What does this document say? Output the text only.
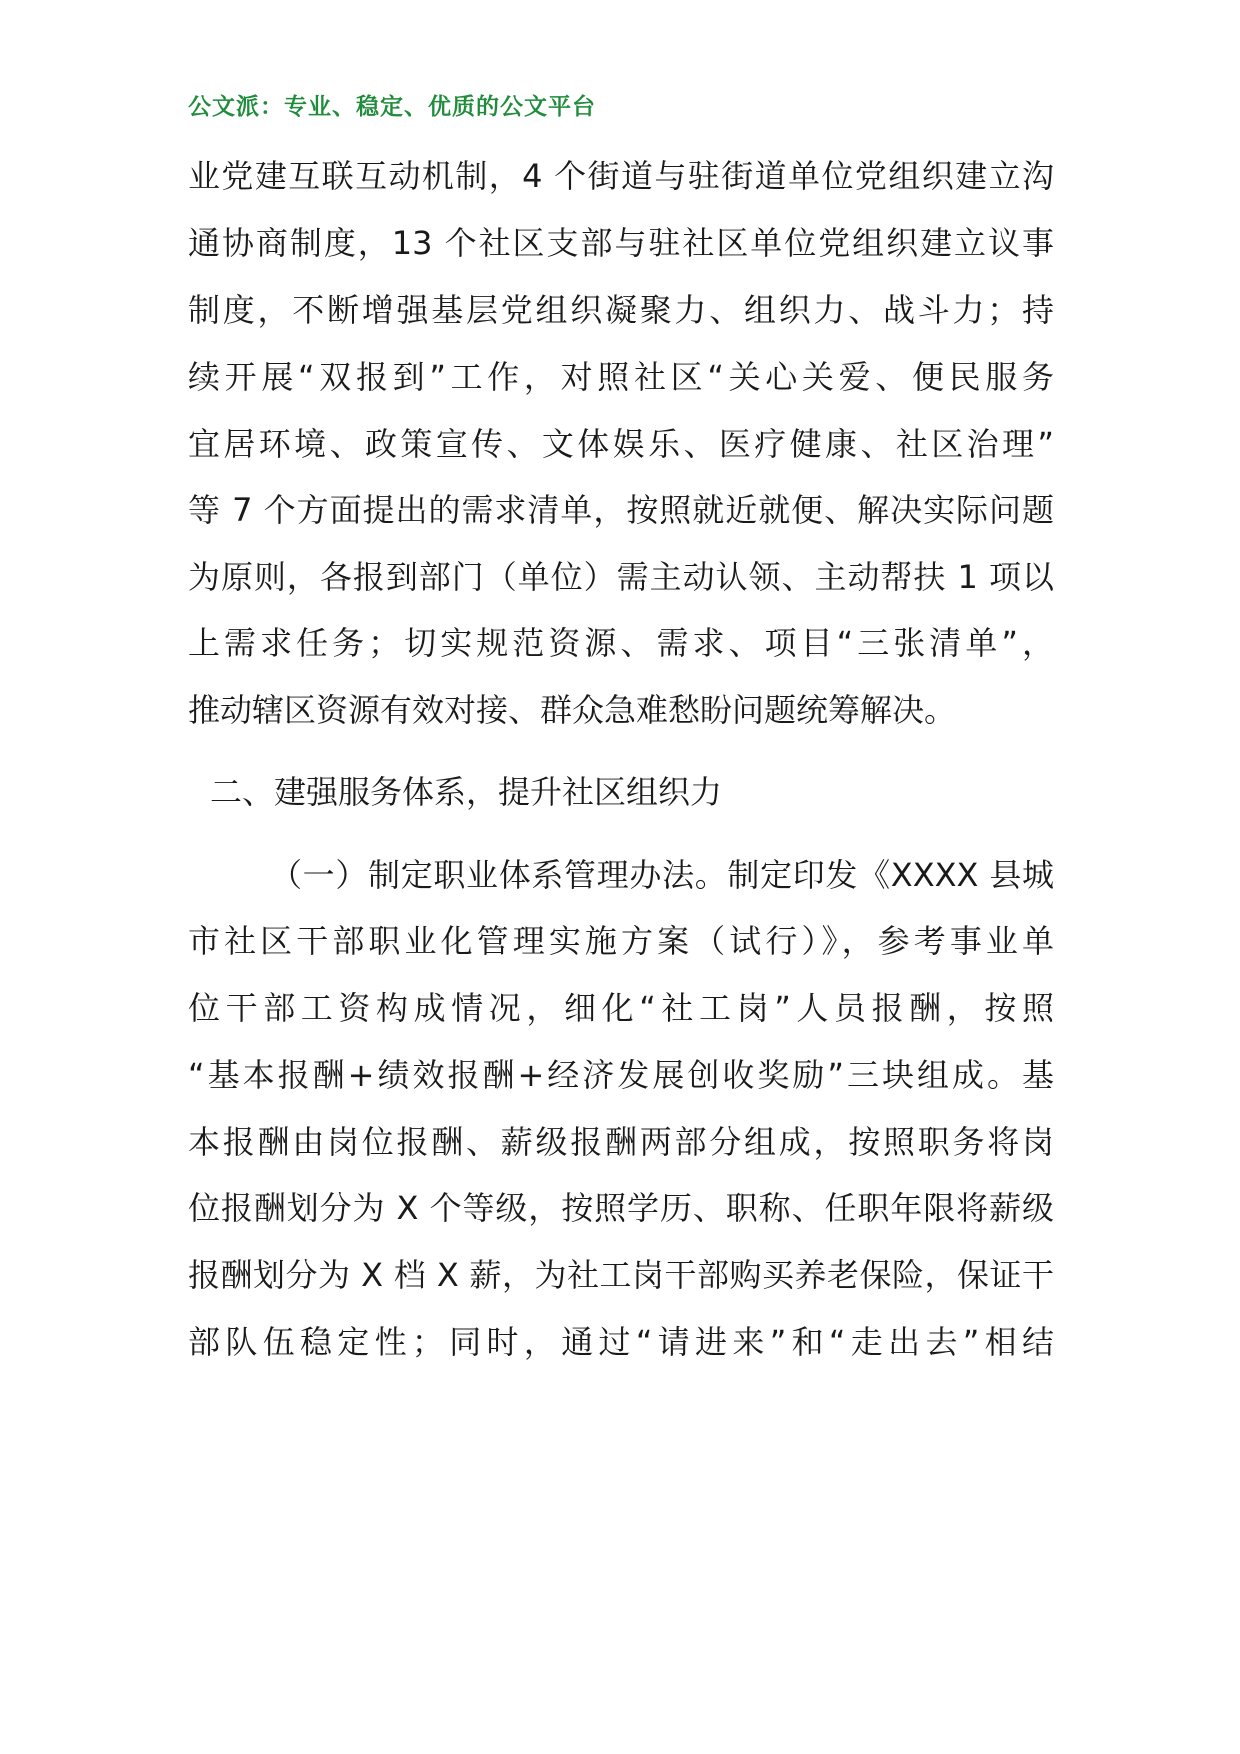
公文派：专业、稳定、优质的公文平台
业党建互联互动机制，4 个街道与驻街道单位党组织建立沟
通协商制度，13 个社区支部与驻社区单位党组织建立议事
制度，不断增强基层党组织凝聚力、组织力、战斗力；持
续开展“双报到”工作，对照社区“关心关爱、便民服务
宜居环境、政策宣传、文体娱乐、医疗健康、社区治理”
等 7 个方面提出的需求清单，按照就近就便、解决实际问题
为原则，各报到部门（单位）需主动认领、主动帮扶 1 项以
上需求任务；切实规范资源、需求、项目“三张清单”，
推动辖区资源有效对接、群众急难愁盼问题统筹解决。
二、建强服务体系，提升社区组织力
（一）制定职业体系管理办法。制定印发《XXXX 县城
市社区干部职业化管理实施方案（试行）》，参考事业单
位干部工资构成情况，细化“社工岗”人员报酬，按照
“基本报酬+绩效报酬+经济发展创收奖励”三块组成。基
本报酬由岗位报酬、薪级报酬两部分组成，按照职务将岗
位报酬划分为 X 个等级，按照学历、职称、任职年限将薪级
报酬划分为 X 档 X 薪，为社工岗干部购买养老保险，保证干
部队伍稳定性；同时，通过“请进来”和“走出去”相结
